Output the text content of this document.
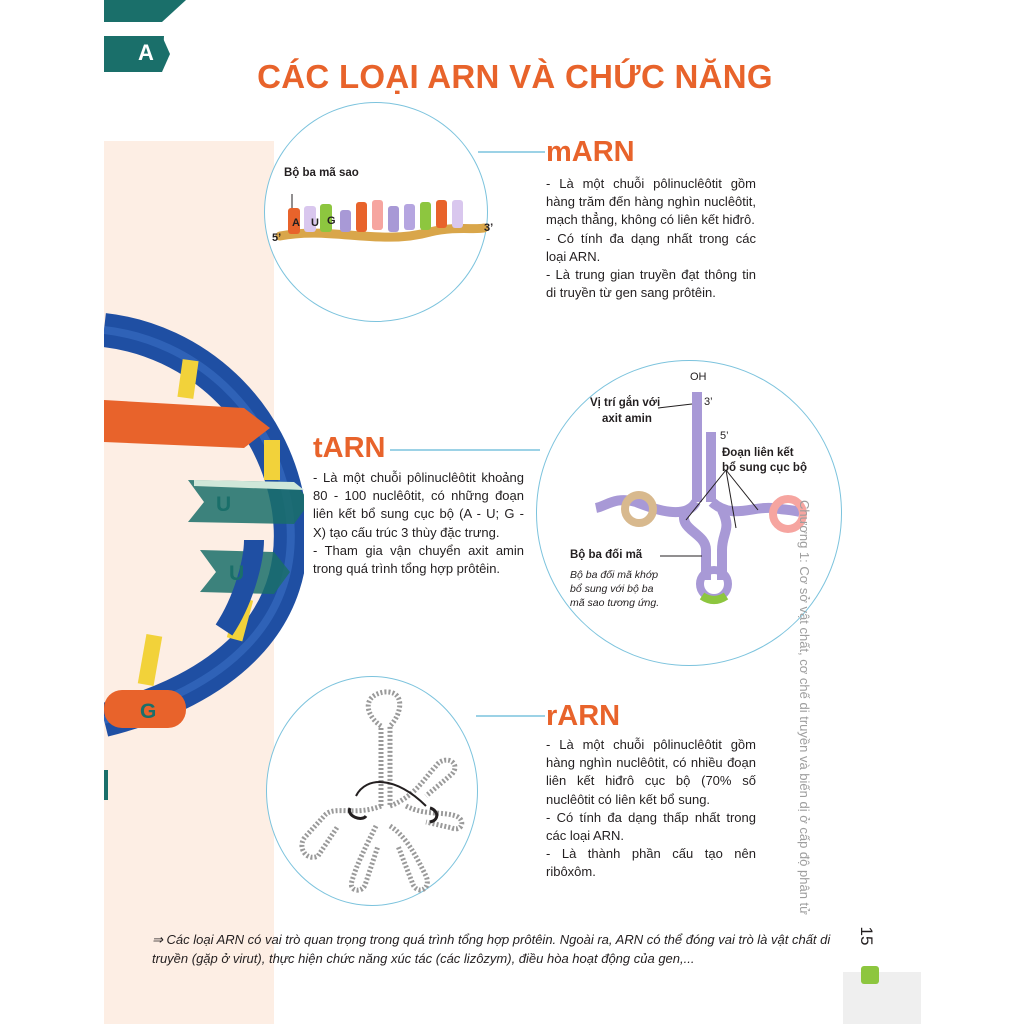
A
CÁC LOẠI ARN VÀ CHỨC NĂNG
U
U
G
Bộ ba mã sao
A U G
5’
3’
mARN

- Là một chuỗi pôlinuclêôtit gồm hàng trăm đến hàng nghìn nuclêôtit, mạch thẳng, không có liên kết hiđrô.

- Có tính đa dạng nhất trong các loại ARN.

- Là trung gian truyền đạt thông tin di truyền từ gen sang prôtêin.

tARN

- Là một chuỗi pôlinuclêôtit khoảng 80 - 100 nuclêôtit, có những đoạn liên kết bổ sung cục bộ (A - U; G - X) tạo cấu trúc 3 thùy đặc trưng.

- Tham gia vận chuyển axit amin trong quá trình tổng hợp prôtêin.

OH
3’
5’
Vị trí gắn với
axit amin
Đoạn liên kết
bổ sung cục bộ
Bộ ba đối mã
Bộ ba đối mã khớp
bổ sung với bộ ba
mã sao tương ứng.
rARN

- Là một chuỗi pôlinuclêôtit gồm hàng nghìn nuclêôtit, có nhiều đoạn liên kết hiđrô cục bộ (70% số nuclêôtit có liên kết bổ sung.

- Có tính đa dạng thấp nhất trong các loại ARN.

- Là thành phần cấu tạo nên ribôxôm.

⇒ Các loại ARN có vai trò quan trọng trong quá trình tổng hợp prôtêin. Ngoài ra, ARN có thể đóng vai trò là vật chất di truyền (gặp ở virut), thực hiện chức năng xúc tác (các lizôzym), điều hòa hoạt động của gen,...
Chương 1: Cơ sở vật chất, cơ chế di truyền và biến dị ở cấp độ phân tử
15
